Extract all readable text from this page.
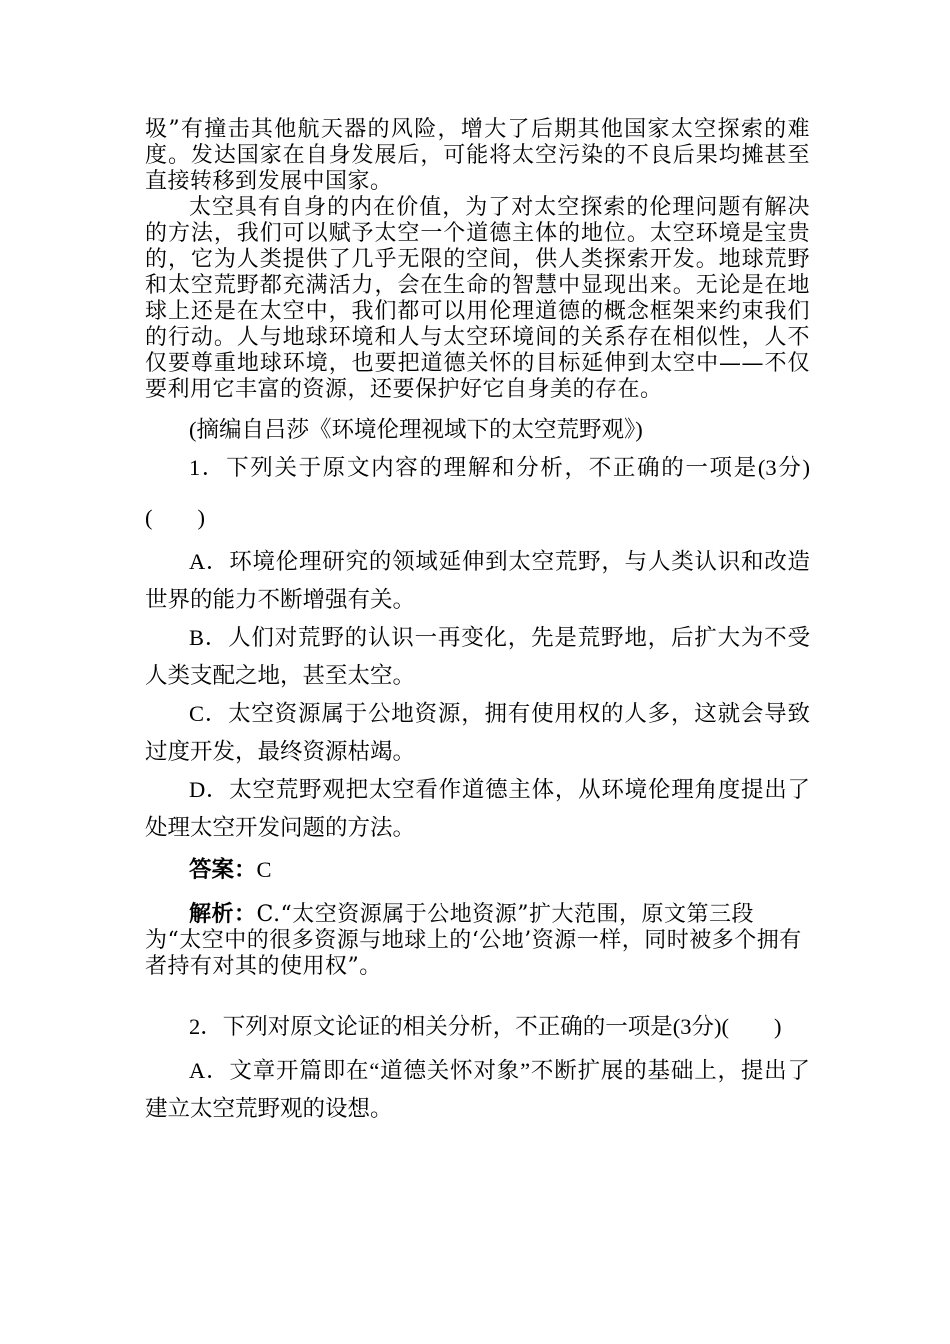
圾”有撞击其他航天器的风险，增大了后期其他国家太空探索的难度。发达国家在自身发展后，可能将太空污染的不良后果均摊甚至直接转移到发展中国家。

太空具有自身的内在价值，为了对太空探索的伦理问题有解决的方法，我们可以赋予太空一个道德主体的地位。太空环境是宝贵的，它为人类提供了几乎无限的空间，供人类探索开发。地球荒野和太空荒野都充满活力，会在生命的智慧中显现出来。无论是在地球上还是在太空中，我们都可以用伦理道德的概念框架来约束我们的行动。人与地球环境和人与太空环境间的关系存在相似性，人不仅要尊重地球环境，也要把道德关怀的目标延伸到太空中——不仅要利用它丰富的资源，还要保护好它自身美的存在。

(摘编自吕莎《环境伦理视域下的太空荒野观》)

1．下列关于原文内容的理解和分析，不正确的一项是(3分)(　　)

A．环境伦理研究的领域延伸到太空荒野，与人类认识和改造世界的能力不断增强有关。

B．人们对荒野的认识一再变化，先是荒野地，后扩大为不受人类支配之地，甚至太空。

C．太空资源属于公地资源，拥有使用权的人多，这就会导致过度开发，最终资源枯竭。

D．太空荒野观把太空看作道德主体，从环境伦理角度提出了处理太空开发问题的方法。

答案：C

解析：C.“太空资源属于公地资源”扩大范围，原文第三段为“太空中的很多资源与地球上的‘公地’资源一样，同时被多个拥有者持有对其的使用权”。

2．下列对原文论证的相关分析，不正确的一项是(3分)(　　)

A．文章开篇即在“道德关怀对象”不断扩展的基础上，提出了建立太空荒野观的设想。
